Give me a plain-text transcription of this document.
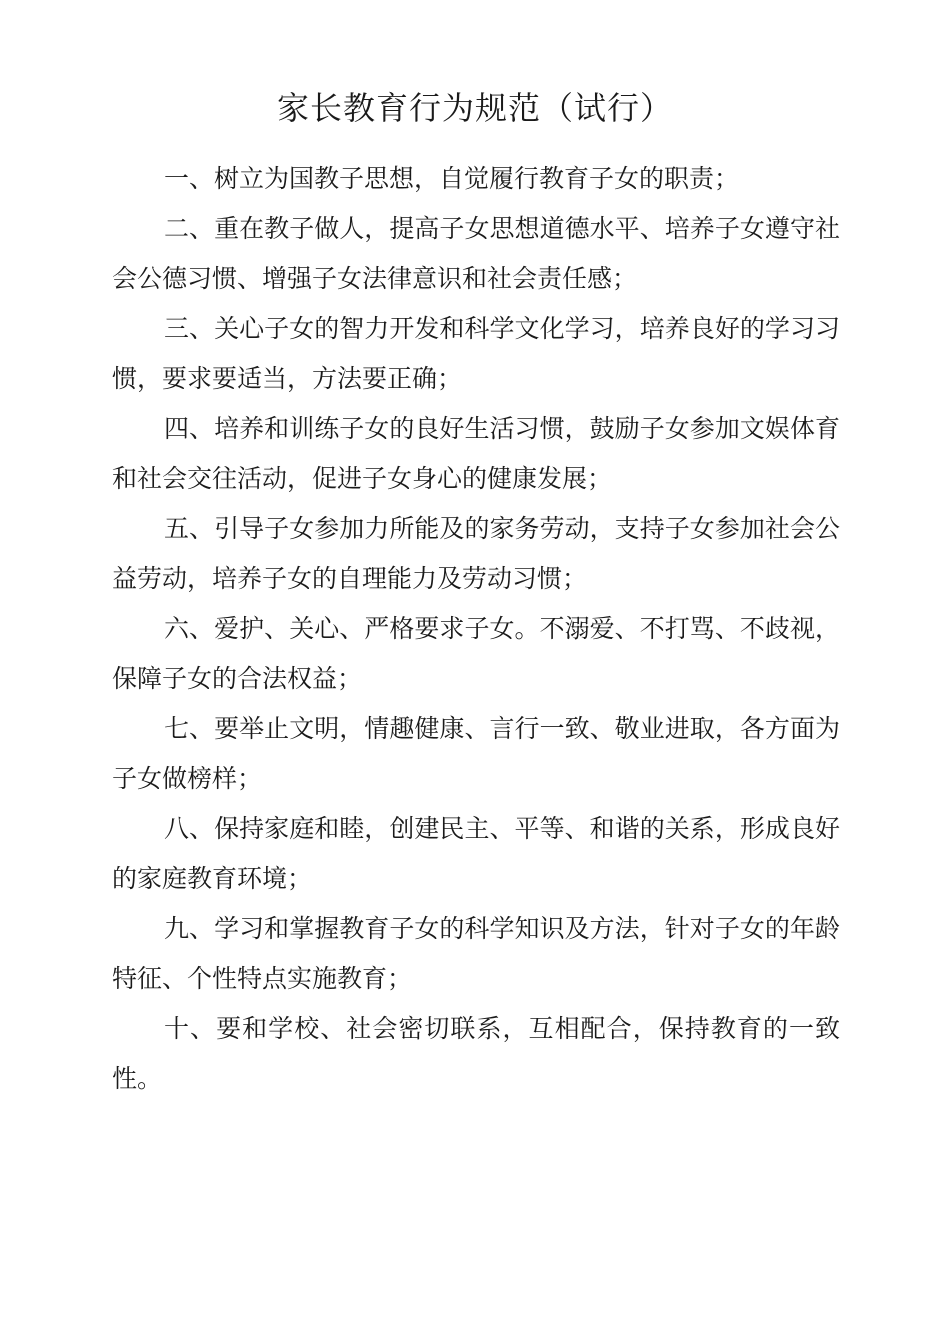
家长教育行为规范（试行）

一、树立为国教子思想，自觉履行教育子女的职责；

二、重在教子做人，提高子女思想道德水平、培养子女遵守社会公德习惯、增强子女法律意识和社会责任感；

三、关心子女的智力开发和科学文化学习，培养良好的学习习惯，要求要适当，方法要正确；

四、培养和训练子女的良好生活习惯，鼓励子女参加文娱体育和社会交往活动，促进子女身心的健康发展；

五、引导子女参加力所能及的家务劳动，支持子女参加社会公益劳动，培养子女的自理能力及劳动习惯；

六、爱护、关心、严格要求子女。不溺爱、不打骂、不歧视，保障子女的合法权益；

七、要举止文明，情趣健康、言行一致、敬业进取，各方面为子女做榜样；

八、保持家庭和睦，创建民主、平等、和谐的关系，形成良好的家庭教育环境；

九、学习和掌握教育子女的科学知识及方法，针对子女的年龄特征、个性特点实施教育；

十、要和学校、社会密切联系，互相配合，保持教育的一致性。
